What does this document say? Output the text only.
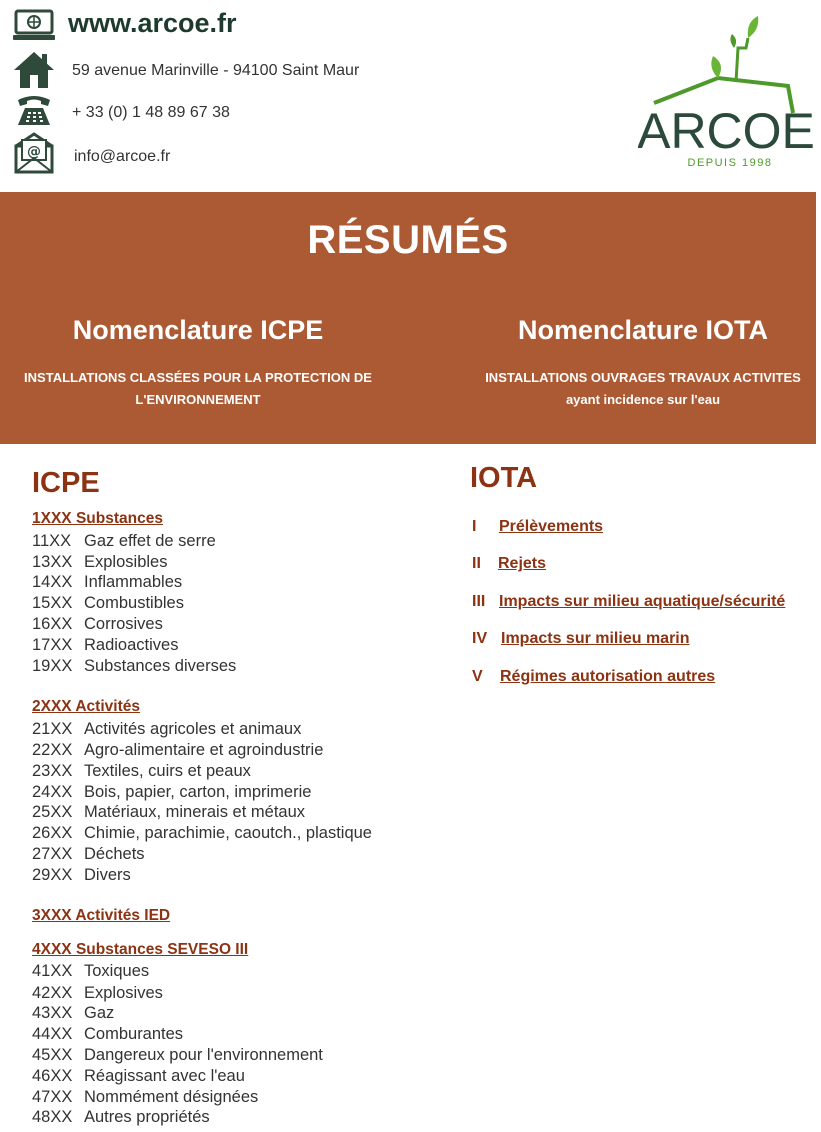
www.arcoe.fr
59 avenue Marinville - 94100 Saint Maur
+ 33 (0) 1 48 89 67 38
@ info@arcoe.fr	ARCOE
DEPUIS 1998
RÉSUMÉS
Nomenclature ICPE
INSTALLATIONS CLASSÉES POUR LA PROTECTION DE
L'ENVIRONNEMENT
Nomenclature IOTA
INSTALLATIONS OUVRAGES TRAVAUX ACTIVITES
ayant incidence sur l'eau
ICPE
1XXX Substances
11XX Gaz effet de serre
13XX Explosibles
14XX Inflammables
15XX Combustibles
16XX Corrosives
17XX Radioactives
19XX Substances diverses
2XXX Activités
21XX Activités agricoles et animaux
22XX Agro-alimentaire et agroindustrie
23XX Textiles, cuirs et peaux
24XX Bois, papier, carton, imprimerie
25XX Matériaux, minerais et métaux
26XX Chimie, parachimie, caoutch., plastique
27XX Déchets
29XX Divers
3XXX Activités IED
4XXX Substances SEVESO III
41XX Toxiques
42XX Explosives
43XX Gaz
44XX Comburantes
45XX Dangereux pour l'environnement
46XX Réagissant avec l'eau
47XX Nommément désignées
48XX Autres propriétés
IOTA
I Prélèvements
II Rejets
III Impacts sur milieu aquatique/sécurité
IV Impacts sur milieu marin
V Régimes autorisation autres
